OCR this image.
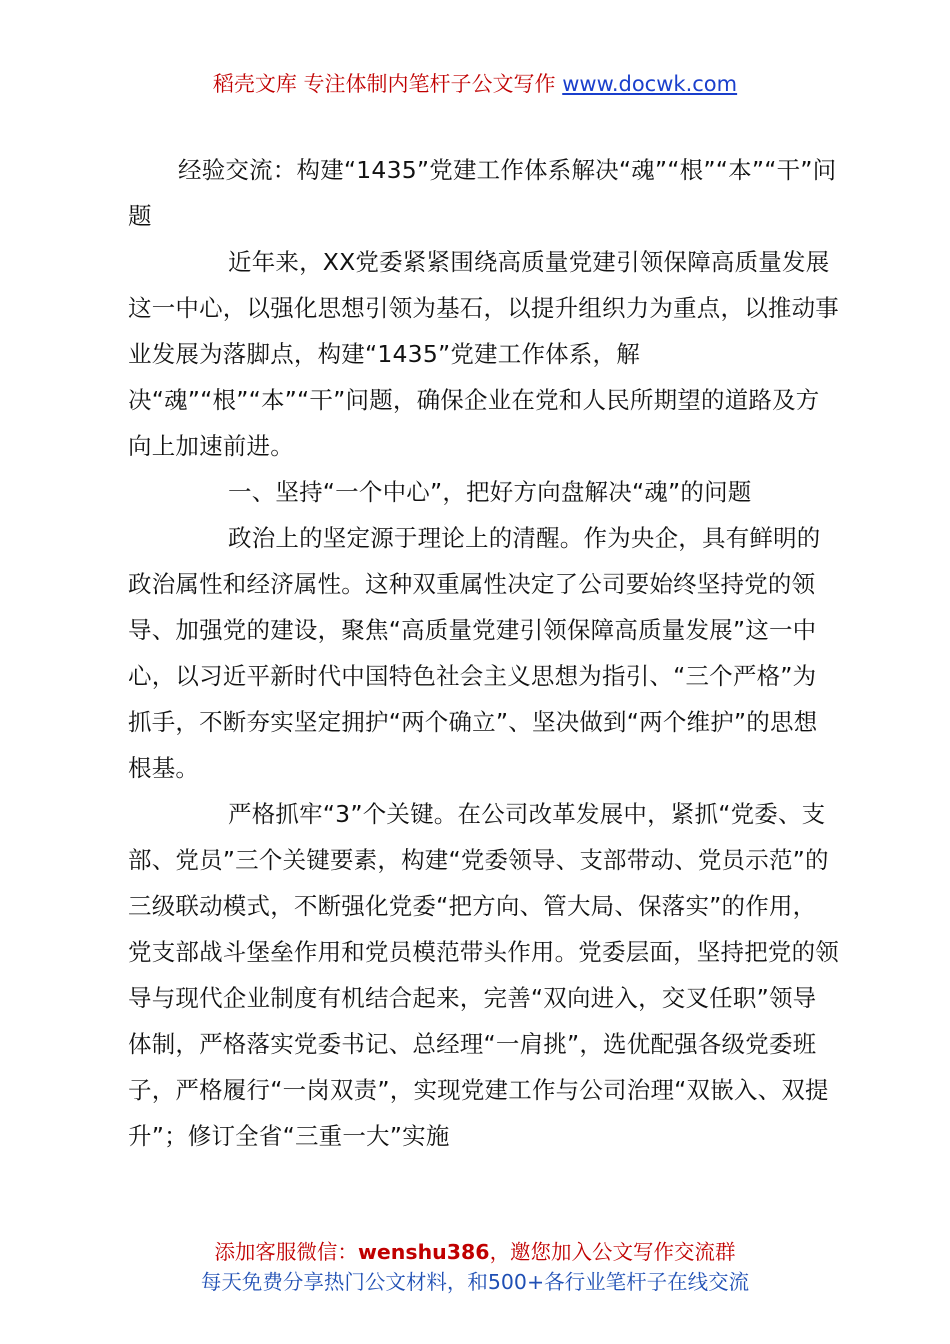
稻壳文库 专注体制内笔杆子公文写作 www.docwk.com

经验交流：构建“1435”党建工作体系解决“魂”“根”“本”“干”问题

近年来，XX党委紧紧围绕高质量党建引领保障高质量发展这一中心，以强化思想引领为基石，以提升组织力为重点，以推动事业发展为落脚点，构建“1435”党建工作体系，解决“魂”“根”“本”“干”问题，确保企业在党和人民所期望的道路及方向上加速前进。

一、坚持“一个中心”，把好方向盘解决“魂”的问题

政治上的坚定源于理论上的清醒。作为央企，具有鲜明的政治属性和经济属性。这种双重属性决定了公司要始终坚持党的领导、加强党的建设，聚焦“高质量党建引领保障高质量发展”这一中心，以习近平新时代中国特色社会主义思想为指引、“三个严格”为抓手，不断夯实坚定拥护“两个确立”、坚决做到“两个维护”的思想根基。

严格抓牢“3”个关键。在公司改革发展中，紧抓“党委、支部、党员”三个关键要素，构建“党委领导、支部带动、党员示范”的三级联动模式，不断强化党委“把方向、管大局、保落实”的作用，党支部战斗堡垒作用和党员模范带头作用。党委层面，坚持把党的领导与现代企业制度有机结合起来，完善“双向进入，交叉任职”领导体制，严格落实党委书记、总经理“一肩挑”，选优配强各级党委班子，严格履行“一岗双责”，实现党建工作与公司治理“双嵌入、双提升”；修订全省“三重一大”实施

添加客服微信：wenshu386，邀您加入公文写作交流群
每天免费分享热门公文材料，和500+各行业笔杆子在线交流
